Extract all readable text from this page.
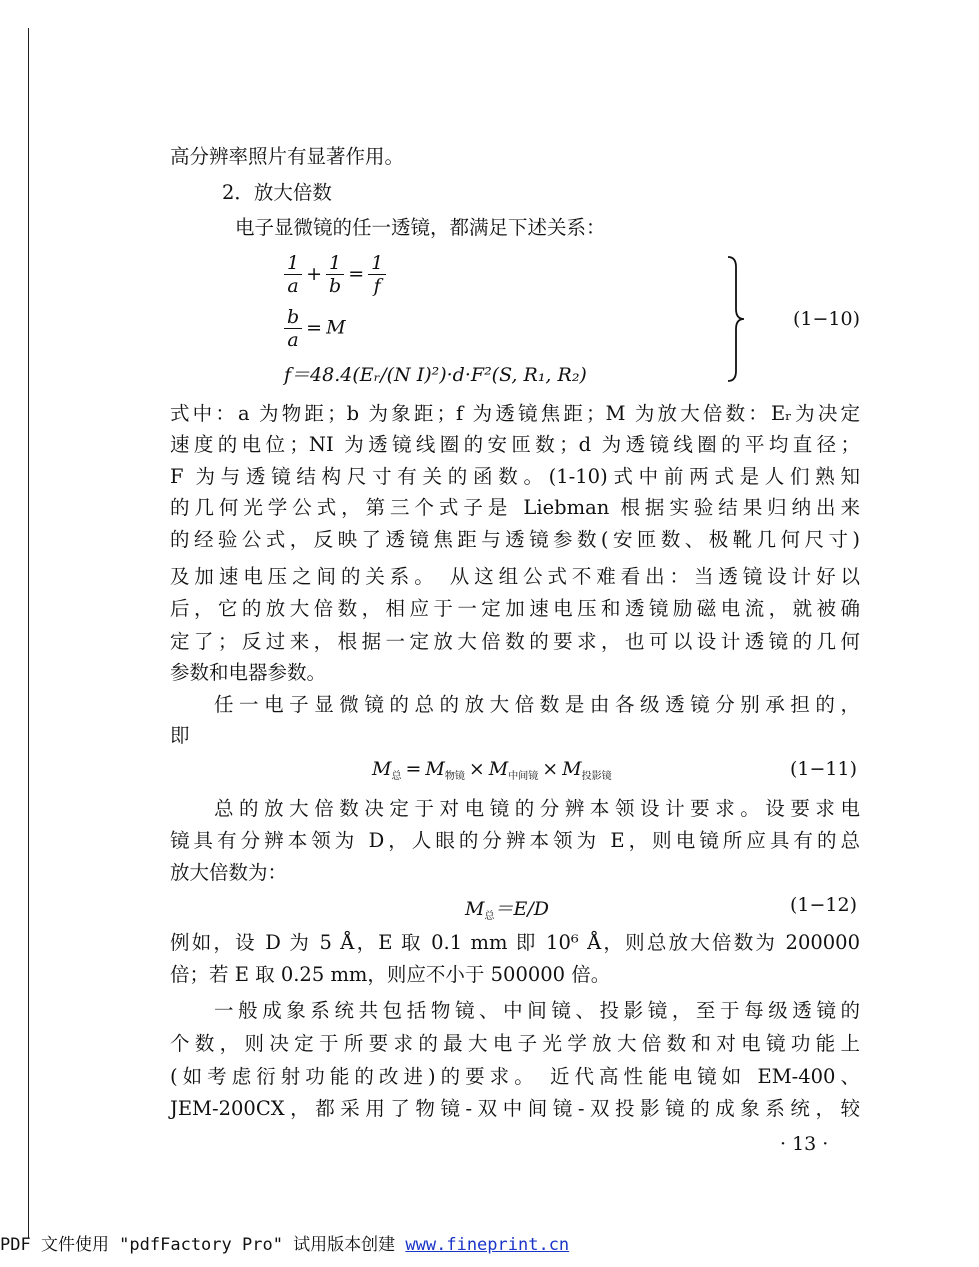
高分辨率照片有显著作用。
2．放大倍数
电子显微镜的任一透镜，都满足下述关系：
$\frac{1}{a} + \frac{1}{b} = \frac{1}{f}$
$\frac{b}{a} = M$
f＝48.4(Eᵣ/(N I)²)·d·F²(S, R₁, R₂)
(1−10)
式中：a 为物距；b 为象距；f 为透镜焦距；M 为放大倍数：Eᵣ为决定
速度的电位；NI 为透镜线圈的安匝数；d 为透镜线圈的平均直径；
F 为与透镜结构尺寸有关的函数。(1-10)式中前两式是人们熟知
的几何光学公式，第三个式子是 Liebman 根据实验结果归纳出来
的经验公式，反映了透镜焦距与透镜参数(安匝数、极靴几何尺寸)
及加速电压之间的关系。 从这组公式不难看出：当透镜设计好以
后，它的放大倍数，相应于一定加速电压和透镜励磁电流，就被确
定了；反过来，根据一定放大倍数的要求，也可以设计透镜的几何
参数和电器参数。
任一电子显微镜的总的放大倍数是由各级透镜分别承担的，
即
$M_总 = M_{物镜} \times M_{中间镜} \times M_{投影镜}$	(1−11)
总的放大倍数决定于对电镜的分辨本领设计要求。设要求电
镜具有分辨本领为 D，人眼的分辨本领为 E，则电镜所应具有的总
放大倍数为：
$M_总=E/D$	(1−12)
例如，设 D 为 5 Å，E 取 0.1 mm 即 10⁶ Å，则总放大倍数为 200000
倍；若 E 取 0.25 mm，则应不小于 500000 倍。
一般成象系统共包括物镜、中间镜、投影镜，至于每级透镜的
个数，则决定于所要求的最大电子光学放大倍数和对电镜功能上
(如考虑衍射功能的改进)的要求。 近代高性能电镜如 EM-400、
JEM-200CX，都采用了物镜-双中间镜-双投影镜的成象系统，较
· 13 ·
PDF 文件使用 "pdfFactory Pro" 试用版本创建 www.fineprint.cn
